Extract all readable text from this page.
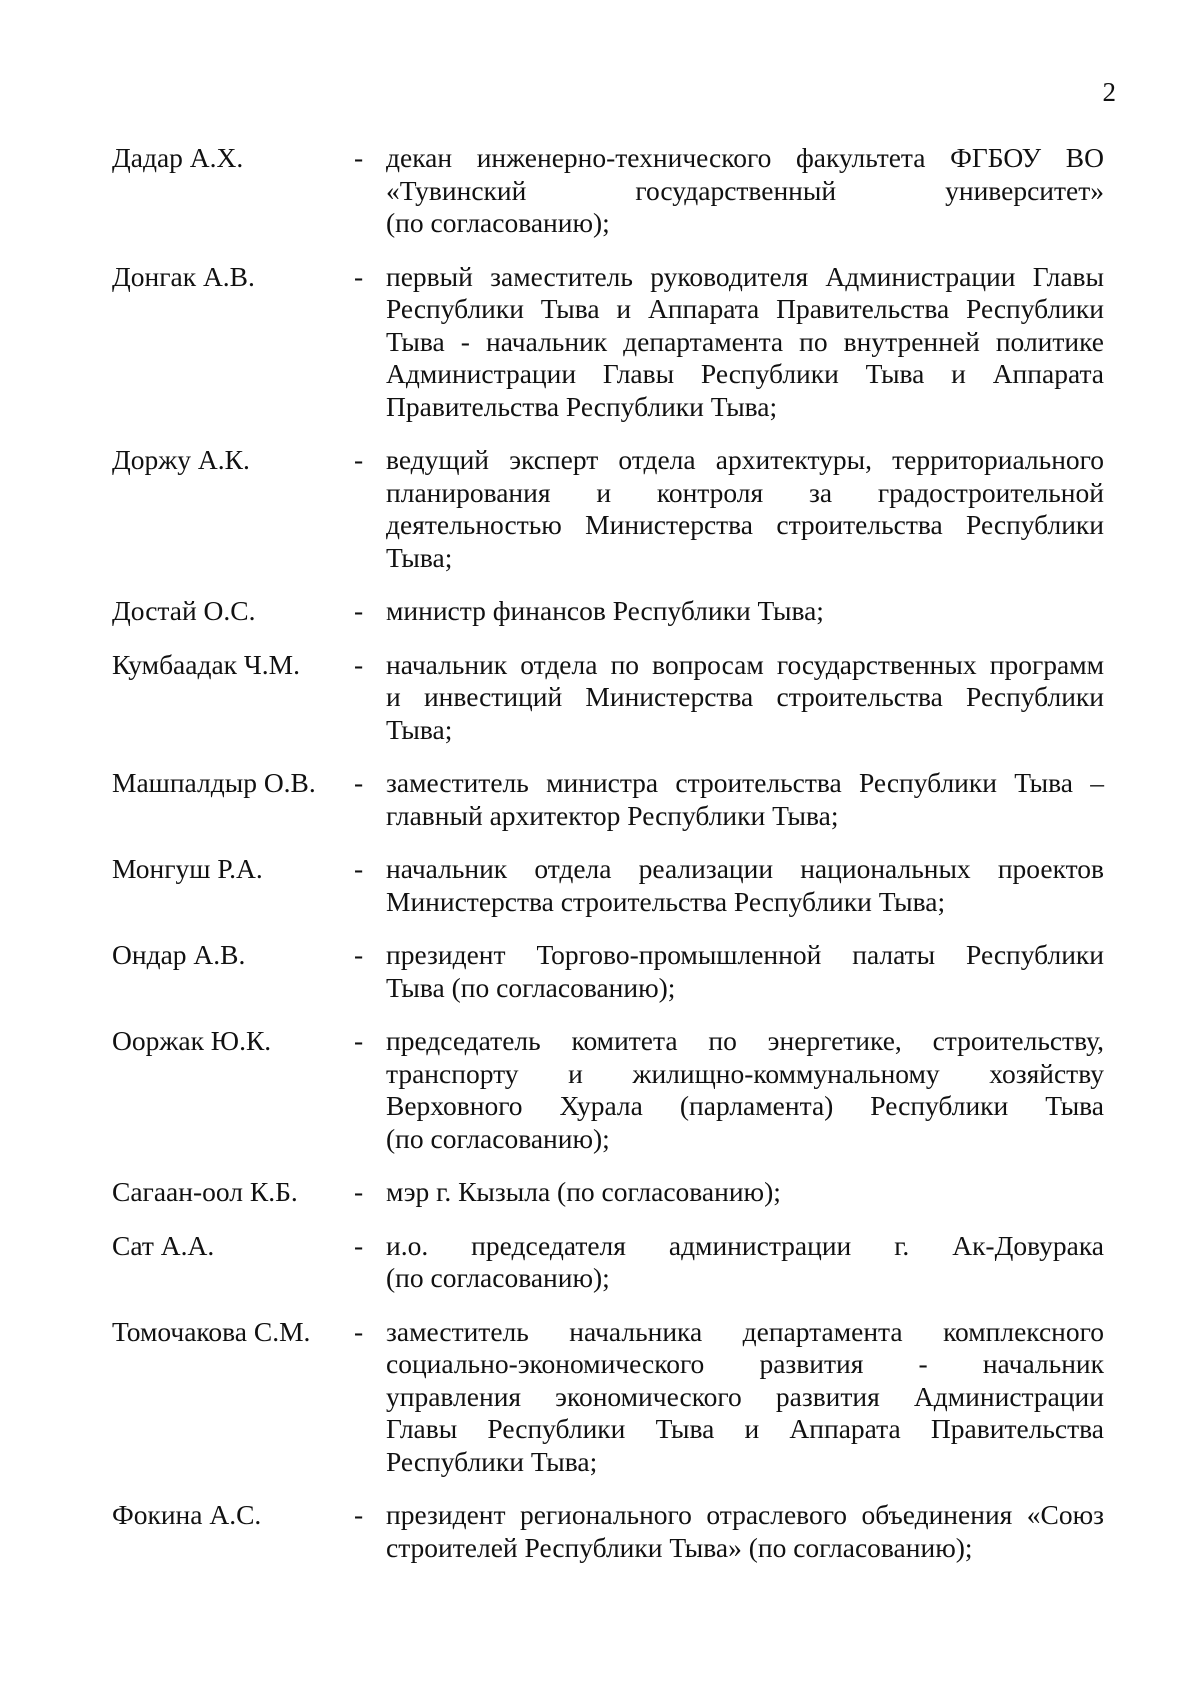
2
Дадар А.Х.	- декан инженерно-технического факультета ФГБОУ ВО
«Тувинский государственный университет»
(по согласованию);
Донгак А.В.	- первый заместитель руководителя Администрации Главы
Республики Тыва и Аппарата Правительства Республики
Тыва - начальник департамента по внутренней политике
Администрации Главы Республики Тыва и Аппарата
Правительства Республики Тыва;
Доржу А.К.	- ведущий эксперт отдела архитектуры, территориального
планирования и контроля за градостроительной
деятельностью Министерства строительства Республики
Тыва;
Достай О.С.	- министр финансов Республики Тыва;
Кумбаадак Ч.М.	- начальник отдела по вопросам государственных программ
и инвестиций Министерства строительства Республики
Тыва;
Машпалдыр О.В.	- заместитель министра строительства Республики Тыва –
главный архитектор Республики Тыва;
Монгуш Р.А.	- начальник отдела реализации национальных проектов
Министерства строительства Республики Тыва;
Ондар А.В.	- президент Торгово-промышленной палаты Республики
Тыва (по согласованию);
Ооржак Ю.К.	- председатель комитета по энергетике, строительству,
транспорту и жилищно-коммунальному хозяйству
Верховного Хурала (парламента) Республики Тыва
(по согласованию);
Сагаан-оол К.Б.	- мэр г. Кызыла (по согласованию);
Сат А.А.	- и.о. председателя администрации г. Ак-Довурака
(по согласованию);
Томочакова С.М.	- заместитель начальника департамента комплексного
социально-экономического развития - начальник
управления экономического развития Администрации
Главы Республики Тыва и Аппарата Правительства
Республики Тыва;
Фокина А.С.	- президент регионального отраслевого объединения «Союз
строителей Республики Тыва» (по согласованию);
